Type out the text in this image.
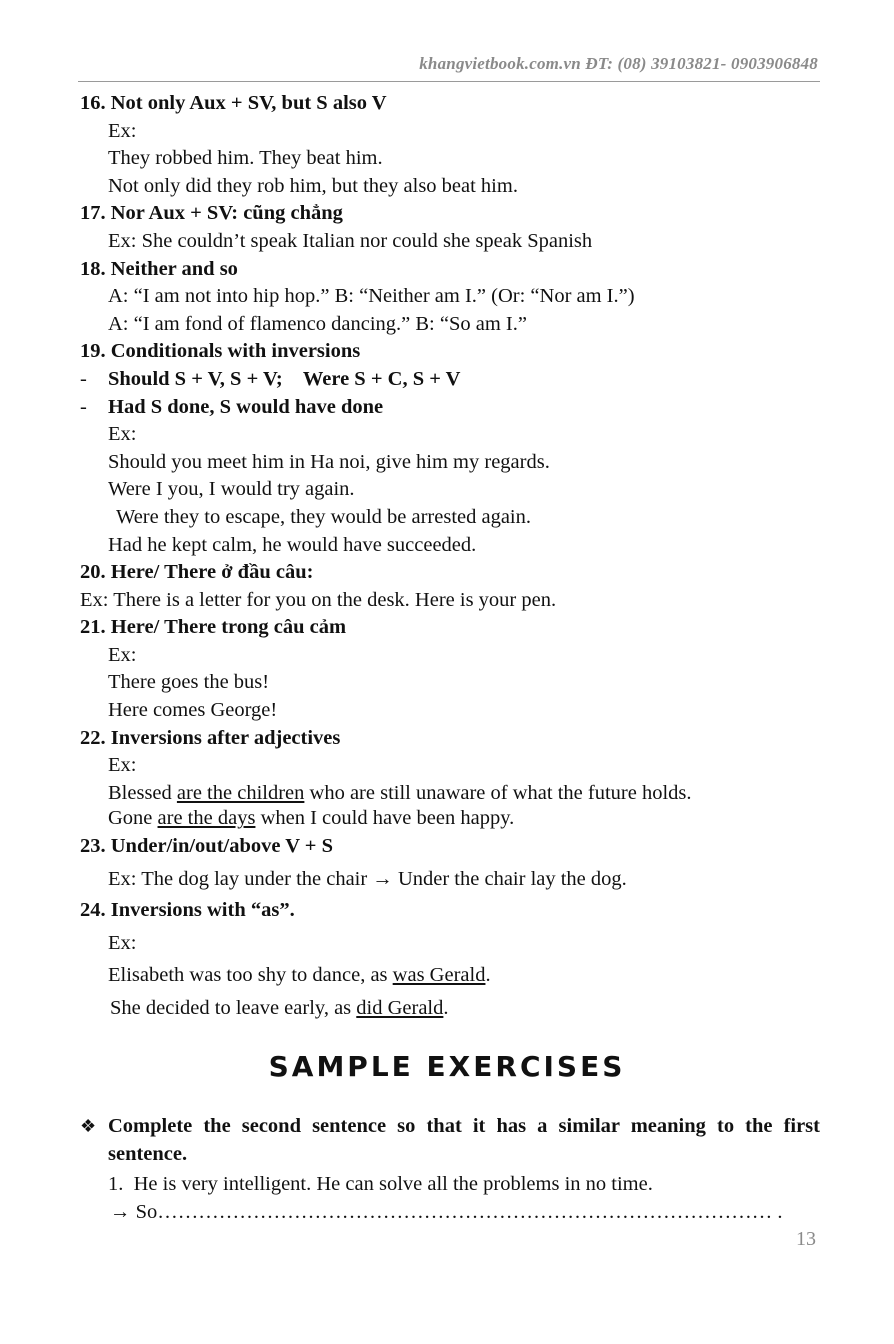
khangvietbook.com.vn ĐT: (08) 39103821- 0903906848
16. Not only Aux + SV, but S also V
Ex:
They robbed him. They beat him.
Not only did they rob him, but they also beat him.
17. Nor Aux + SV: cũng chẳng
Ex: She couldn’t speak Italian nor could she speak Spanish
18. Neither and so
A: “I am not into hip hop.” B: “Neither am I.” (Or: “Nor am I.”)
A: “I am fond of flamenco dancing.” B: “So am I.”
19. Conditionals with inversions
- Should S + V, S + V;    Were S + C, S + V
- Had S done, S would have done
Ex:
Should you meet him in Ha noi, give him my regards.
Were I you, I would try again.
Were they to escape, they would be arrested again.
Had he kept calm, he would have succeeded.
20. Here/ There ở đầu câu:
Ex: There is a letter for you on the desk. Here is your pen.
21. Here/ There trong câu cảm
Ex:
There goes the bus!
Here comes George!
22. Inversions after adjectives
Ex:
Blessed are the children who are still unaware of what the future holds.
Gone are the days when I could have been happy.
23. Under/in/out/above V + S
Ex: The dog lay under the chair → Under the chair lay the dog.
24. Inversions with “as”.
Ex:
Elisabeth was too shy to dance, as was Gerald.
She decided to leave early, as did Gerald.
SAMPLE EXERCISES
❖ Complete the second sentence so that it has a similar meaning to the first sentence.
1.  He is very intelligent. He can solve all the problems in no time.
→ So……………………………………………………………………………… .
13
